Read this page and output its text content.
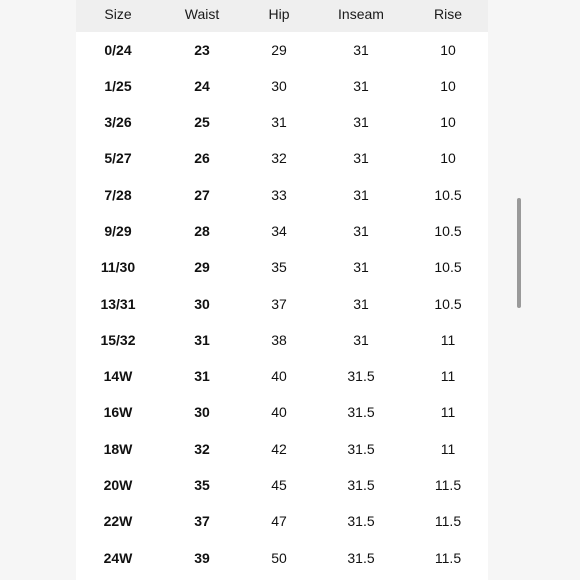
Size	Waist	Hip	Inseam	Rise
0/24	23	29	31	10
1/25	24	30	31	10
3/26	25	31	31	10
5/27	26	32	31	10
7/28	27	33	31	10.5
9/29	28	34	31	10.5
11/30	29	35	31	10.5
13/31	30	37	31	10.5
15/32	31	38	31	11
14W	31	40	31.5	11
16W	30	40	31.5	11
18W	32	42	31.5	11
20W	35	45	31.5	11.5
22W	37	47	31.5	11.5
24W	39	50	31.5	11.5
